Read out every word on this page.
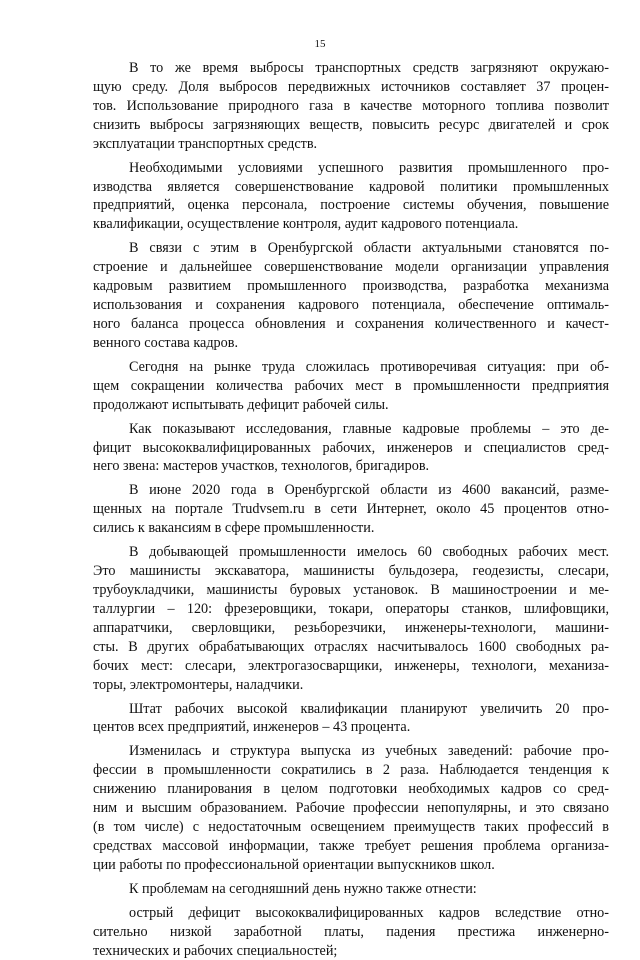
15
В то же время выбросы транспортных средств загрязняют окружаю-
щую среду. Доля выбросов передвижных источников составляет 37 процен-
тов. Использование природного газа в качестве моторного топлива позволит
снизить выбросы загрязняющих веществ, повысить ресурс двигателей и срок
эксплуатации транспортных средств.
Необходимыми условиями успешного развития промышленного про-
изводства является совершенствование кадровой политики промышленных
предприятий, оценка персонала, построение системы обучения, повышение
квалификации, осуществление контроля, аудит кадрового потенциала.
В связи с этим в Оренбургской области актуальными становятся по-
строение и дальнейшее совершенствование модели организации управления
кадровым развитием промышленного производства, разработка механизма
использования и сохранения кадрового потенциала, обеспечение оптималь-
ного баланса процесса обновления и сохранения количественного и качест-
венного состава кадров.
Сегодня на рынке труда сложилась противоречивая ситуация: при об-
щем сокращении количества рабочих мест в промышленности предприятия
продолжают испытывать дефицит рабочей силы.
Как показывают исследования, главные кадровые проблемы – это де-
фицит высококвалифицированных рабочих, инженеров и специалистов сред-
него звена: мастеров участков, технологов, бригадиров.
В июне 2020 года в Оренбургской области из 4600 вакансий, разме-
щенных на портале Trudvsem.ru в сети Интернет, около 45 процентов отно-
сились к вакансиям в сфере промышленности.
В добывающей промышленности имелось 60 свободных рабочих мест.
Это машинисты экскаватора, машинисты бульдозера, геодезисты, слесари,
трубоукладчики, машинисты буровых установок. В машиностроении и ме-
таллургии – 120: фрезеровщики, токари, операторы станков, шлифовщики,
аппаратчики, сверловщики, резьборезчики, инженеры-технологи, машини-
сты. В других обрабатывающих отраслях насчитывалось 1600 свободных ра-
бочих мест: слесари, электрогазосварщики, инженеры, технологи, механиза-
торы, электромонтеры, наладчики.
Штат рабочих высокой квалификации планируют увеличить 20 про-
центов всех предприятий, инженеров – 43 процента.
Изменилась и структура выпуска из учебных заведений: рабочие про-
фессии в промышленности сократились в 2 раза. Наблюдается тенденция к
снижению планирования в целом подготовки необходимых кадров со сред-
ним и высшим образованием. Рабочие профессии непопулярны, и это связано
(в том числе) с недостаточным освещением преимуществ таких профессий в
средствах массовой информации, также требует решения проблема организа-
ции работы по профессиональной ориентации выпускников школ.
К проблемам на сегодняшний день нужно также отнести:
острый дефицит высококвалифицированных кадров вследствие отно-
сительно низкой заработной платы, падения престижа инженерно-
технических и рабочих специальностей;
